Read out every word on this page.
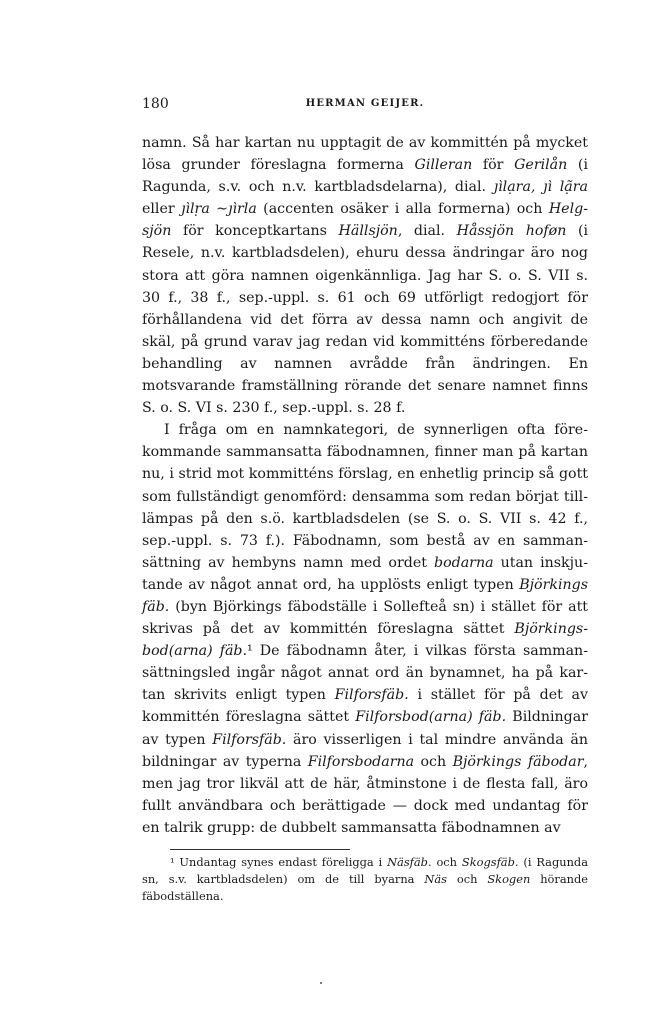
180	HERMAN GEIJER.

namn. Så har kartan nu upptagit de av kommittén på mycket lösa grunder föreslagna formerna Gilleran för Gerilån (i Ragunda, s.v. och n.v. kartbladsdelarna), dial. ȷı̀lạra, ȷı̀ lạ̃ra eller ȷı̀lṛa ∼ȷı̀rla (accenten osäker i alla formerna) och Helgsjön för konceptkartans Hällsjön, dial. Håssjön hoføn (i Resele, n.v. kartbladsdelen), ehuru dessa ändringar äro nog stora att göra namnen oigenkännliga. Jag har S. o. S. VII s. 30 f., 38 f., sep.-uppl. s. 61 och 69 utförligt redogjort för förhållandena vid det förra av dessa namn och angivit de skäl, på grund varav jag redan vid kommitténs förberedande behandling av namnen avrådde från ändringen. En motsvarande framställning rörande det senare namnet finns S. o. S. VI s. 230 f., sep.-uppl. s. 28 f.

I fråga om en namnkategori, de synnerligen ofta förekommande sammansatta fäbodnamnen, finner man på kartan nu, i strid mot kommitténs förslag, en enhetlig princip så gott som fullständigt genomförd: densamma som redan börjat tilllämpas på den s.ö. kartbladsdelen (se S. o. S. VII s. 42 f., sep.-uppl. s. 73 f.). Fäbodnamn, som bestå av en sammansättning av hembyns namn med ordet bodarna utan inskjutande av något annat ord, ha upplösts enligt typen Björkings fäb. (byn Björkings fäbodställe i Sollefteå sn) i stället för att skrivas på det av kommittén föreslagna sättet Björkingsbod(arna) fäb.¹ De fäbodnamn åter, i vilkas första sammansättningsled ingår något annat ord än bynamnet, ha på kartan skrivits enligt typen Filforsfäb. i stället för på det av kommittén föreslagna sättet Filforsbod(arna) fäb. Bildningar av typen Filforsfäb. äro visserligen i tal mindre använda än bildningar av typerna Filforsbodarna och Björkings fäbodar, men jag tror likväl att de här, åtminstone i de flesta fall, äro fullt användbara och berättigade — dock med undantag för en talrik grupp: de dubbelt sammansatta fäbodnamnen av

¹ Undantag synes endast föreligga i Näsfäb. och Skogsfäb. (i Ragunda sn, s.v. kartbladsdelen) om de till byarna Näs och Skogen hörande fäbodställena.
